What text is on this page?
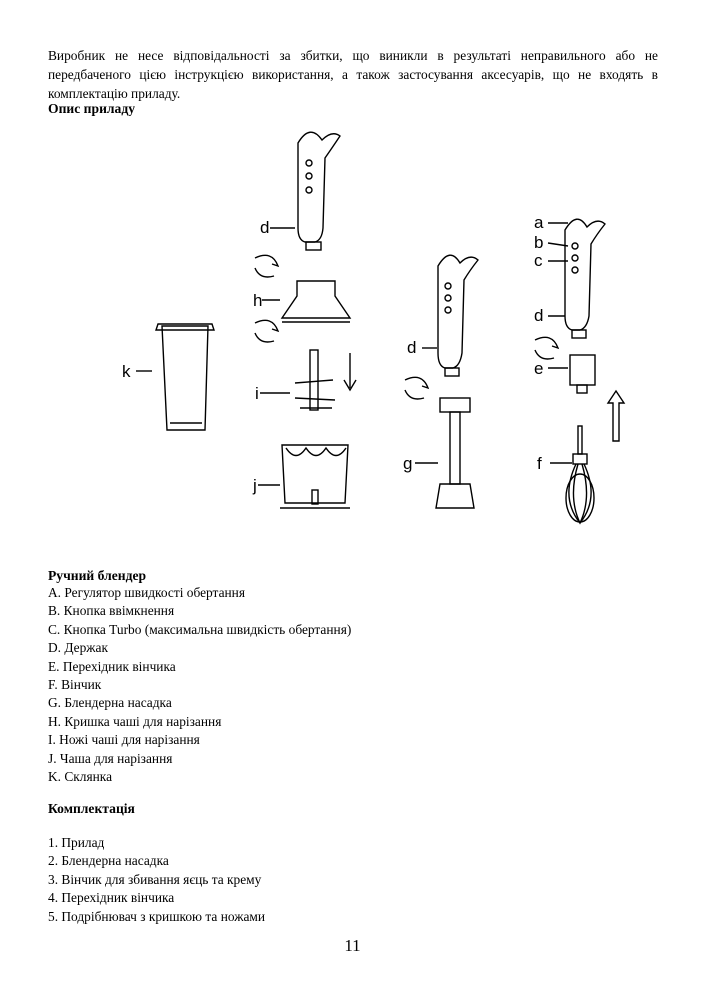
Виробник не несе відповідальності за збитки, що виникли в результаті неправильного або не передбаченого цією інструкцією використання, а також застосування аксесуарів, що не входять в комплектацію приладу.
Опис приладу
k
d
h
i
j
d
g
a
b
c
d
e
f
Ручний блендер
A. Регулятор швидкості обертання
B. Кнопка ввімкнення
C. Кнопка Turbo (максимальна швидкість обертання)
D. Держак
E. Перехідник вінчика
F. Вінчик
G. Блендерна насадка
H. Кришка чаші для нарізання
I. Ножі чаші для нарізання
J. Чаша для нарізання
K. Склянка
Комплектація
1. Прилад
2. Блендерна насадка
3. Вінчик для збивання яєць та крему
4. Перехідник вінчика
5. Подрібнювач з кришкою та ножами
11
